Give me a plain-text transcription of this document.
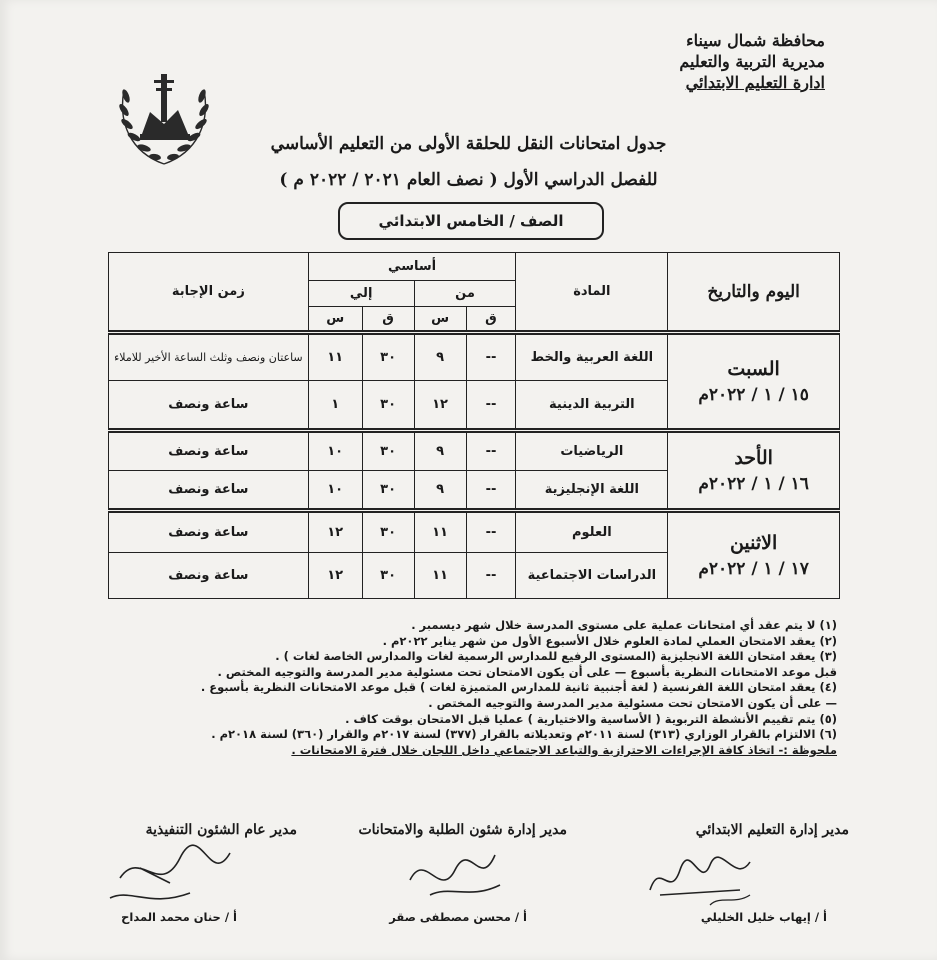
محافظة شمال سيناء
مديرية التربية والتعليم
ادارة التعليم الابتدائي
جدول امتحانات النقل للحلقة الأولى من التعليم الأساسي
للفصل الدراسي الأول ( نصف العام ٢٠٢١ / ٢٠٢٢ م )
الصف / الخامس الابتدائي
اليوم والتاريخ	المادة	أساسي				زمن الإجابة
		من		إلي		
		ق	س	ق	س	

السبت
١٥ / ١ / ٢٠٢٢م	اللغة العربية والخط	--	٩	٣٠	١١	ساعتان ونصف وثلث الساعة الأخير للاملاء
	التربية الدينية	--	١٢	٣٠	١	ساعة ونصف

الأحد
١٦ / ١ / ٢٠٢٢م	الرياضيات	--	٩	٣٠	١٠	ساعة ونصف
	اللغة الإنجليزية	--	٩	٣٠	١٠	ساعة ونصف

الاثنين
١٧ / ١ / ٢٠٢٢م	العلوم	--	١١	٣٠	١٢	ساعة ونصف
	الدراسات الاجتماعية	--	١١	٣٠	١٢	ساعة ونصف
(١) لا يتم عقد أي امتحانات عملية على مستوى المدرسة خلال شهر ديسمبر .
(٢) يعقد الامتحان العملي لمادة العلوم خلال الأسبوع الأول من شهر يناير ٢٠٢٢م .
(٣) يعقد امتحان اللغة الانجليزية (المستوى الرفيع للمدارس الرسمية لغات والمدارس الخاصة لغات ) .
قبل موعد الامتحانات النظرية بأسبوع — على أن يكون الامتحان تحت مسئولية مدير المدرسة والتوجيه المختص .
(٤) يعقد امتحان اللغة الفرنسية ( لغة أجنبية ثانية للمدارس المتميزة لغات ) قبل موعد الامتحانات النظرية بأسبوع .
— على أن يكون الامتحان تحت مسئولية مدير المدرسة والتوجيه المختص .
(٥) يتم تقييم الأنشطة التربوية ( الأساسية والاختيارية ) عمليا قبل الامتحان بوقت كاف .
(٦) الالتزام بالقرار الوزاري (٣١٣) لسنة ٢٠١١م وتعديلاته بالقرار (٣٧٧) لسنة ٢٠١٧م والقرار (٣٦٠) لسنة ٢٠١٨م .
ملحوظة :- اتخاذ كافة الإجراءات الاحترازية والتباعد الاجتماعي داخل اللجان خلال فترة الامتحانات .
مدير إدارة التعليم الابتدائي
مدير إدارة شئون الطلبة والامتحانات
مدير عام الشئون التنفيذية
أ / إيهاب خليل الخليلي
أ / محسن مصطفى صقر
أ / حنان محمد المداح
